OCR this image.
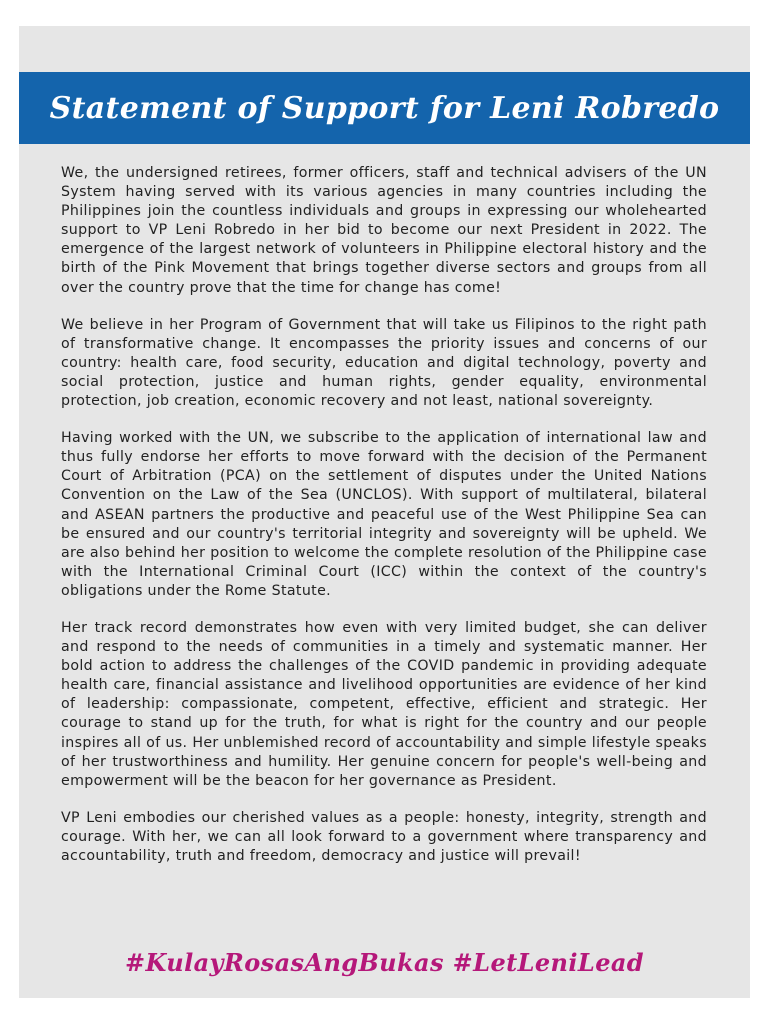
Statement of Support for Leni Robredo

We, the undersigned retirees, former officers, staff and technical advisers of the UN System having served with its various agencies in many countries including the Philippines join the countless individuals and groups in expressing our wholehearted support to VP Leni Robredo in her bid to become our next President in 2022. The emergence of the largest network of volunteers in Philippine electoral history and the birth of the Pink Movement that brings together diverse sectors and groups from all over the country prove that the time for change has come!

We believe in her Program of Government that will take us Filipinos to the right path of transformative change. It encompasses the priority issues and concerns of our country: health care, food security, education and digital technology, poverty and social protection, justice and human rights, gender equality, environmental protection, job creation, economic recovery and not least, national sovereignty.

Having worked with the UN, we subscribe to the application of international law and thus fully endorse her efforts to move forward with the decision of the Permanent Court of Arbitration (PCA) on the settlement of disputes under the United Nations Convention on the Law of the Sea (UNCLOS). With support of multilateral, bilateral and ASEAN partners the productive and peaceful use of the West Philippine Sea can be ensured and our country's territorial integrity and sovereignty will be upheld. We are also behind her position to welcome the complete resolution of the Philippine case with the International Criminal Court (ICC) within the context of the country's obligations under the Rome Statute.

Her track record demonstrates how even with very limited budget, she can deliver and respond to the needs of communities in a timely and systematic manner. Her bold action to address the challenges of the COVID pandemic in providing adequate health care, financial assistance and livelihood opportunities are evidence of her kind of leadership: compassionate, competent, effective, efficient and strategic. Her courage to stand up for the truth, for what is right for the country and our people inspires all of us. Her unblemished record of accountability and simple lifestyle speaks of her trustworthiness and humility. Her genuine concern for people's well-being and empowerment will be the beacon for her governance as President.

VP Leni embodies our cherished values as a people: honesty, integrity, strength and courage. With her, we can all look forward to a government where transparency and accountability, truth and freedom, democracy and justice will prevail!

#KulayRosasAngBukas #LetLeniLead
